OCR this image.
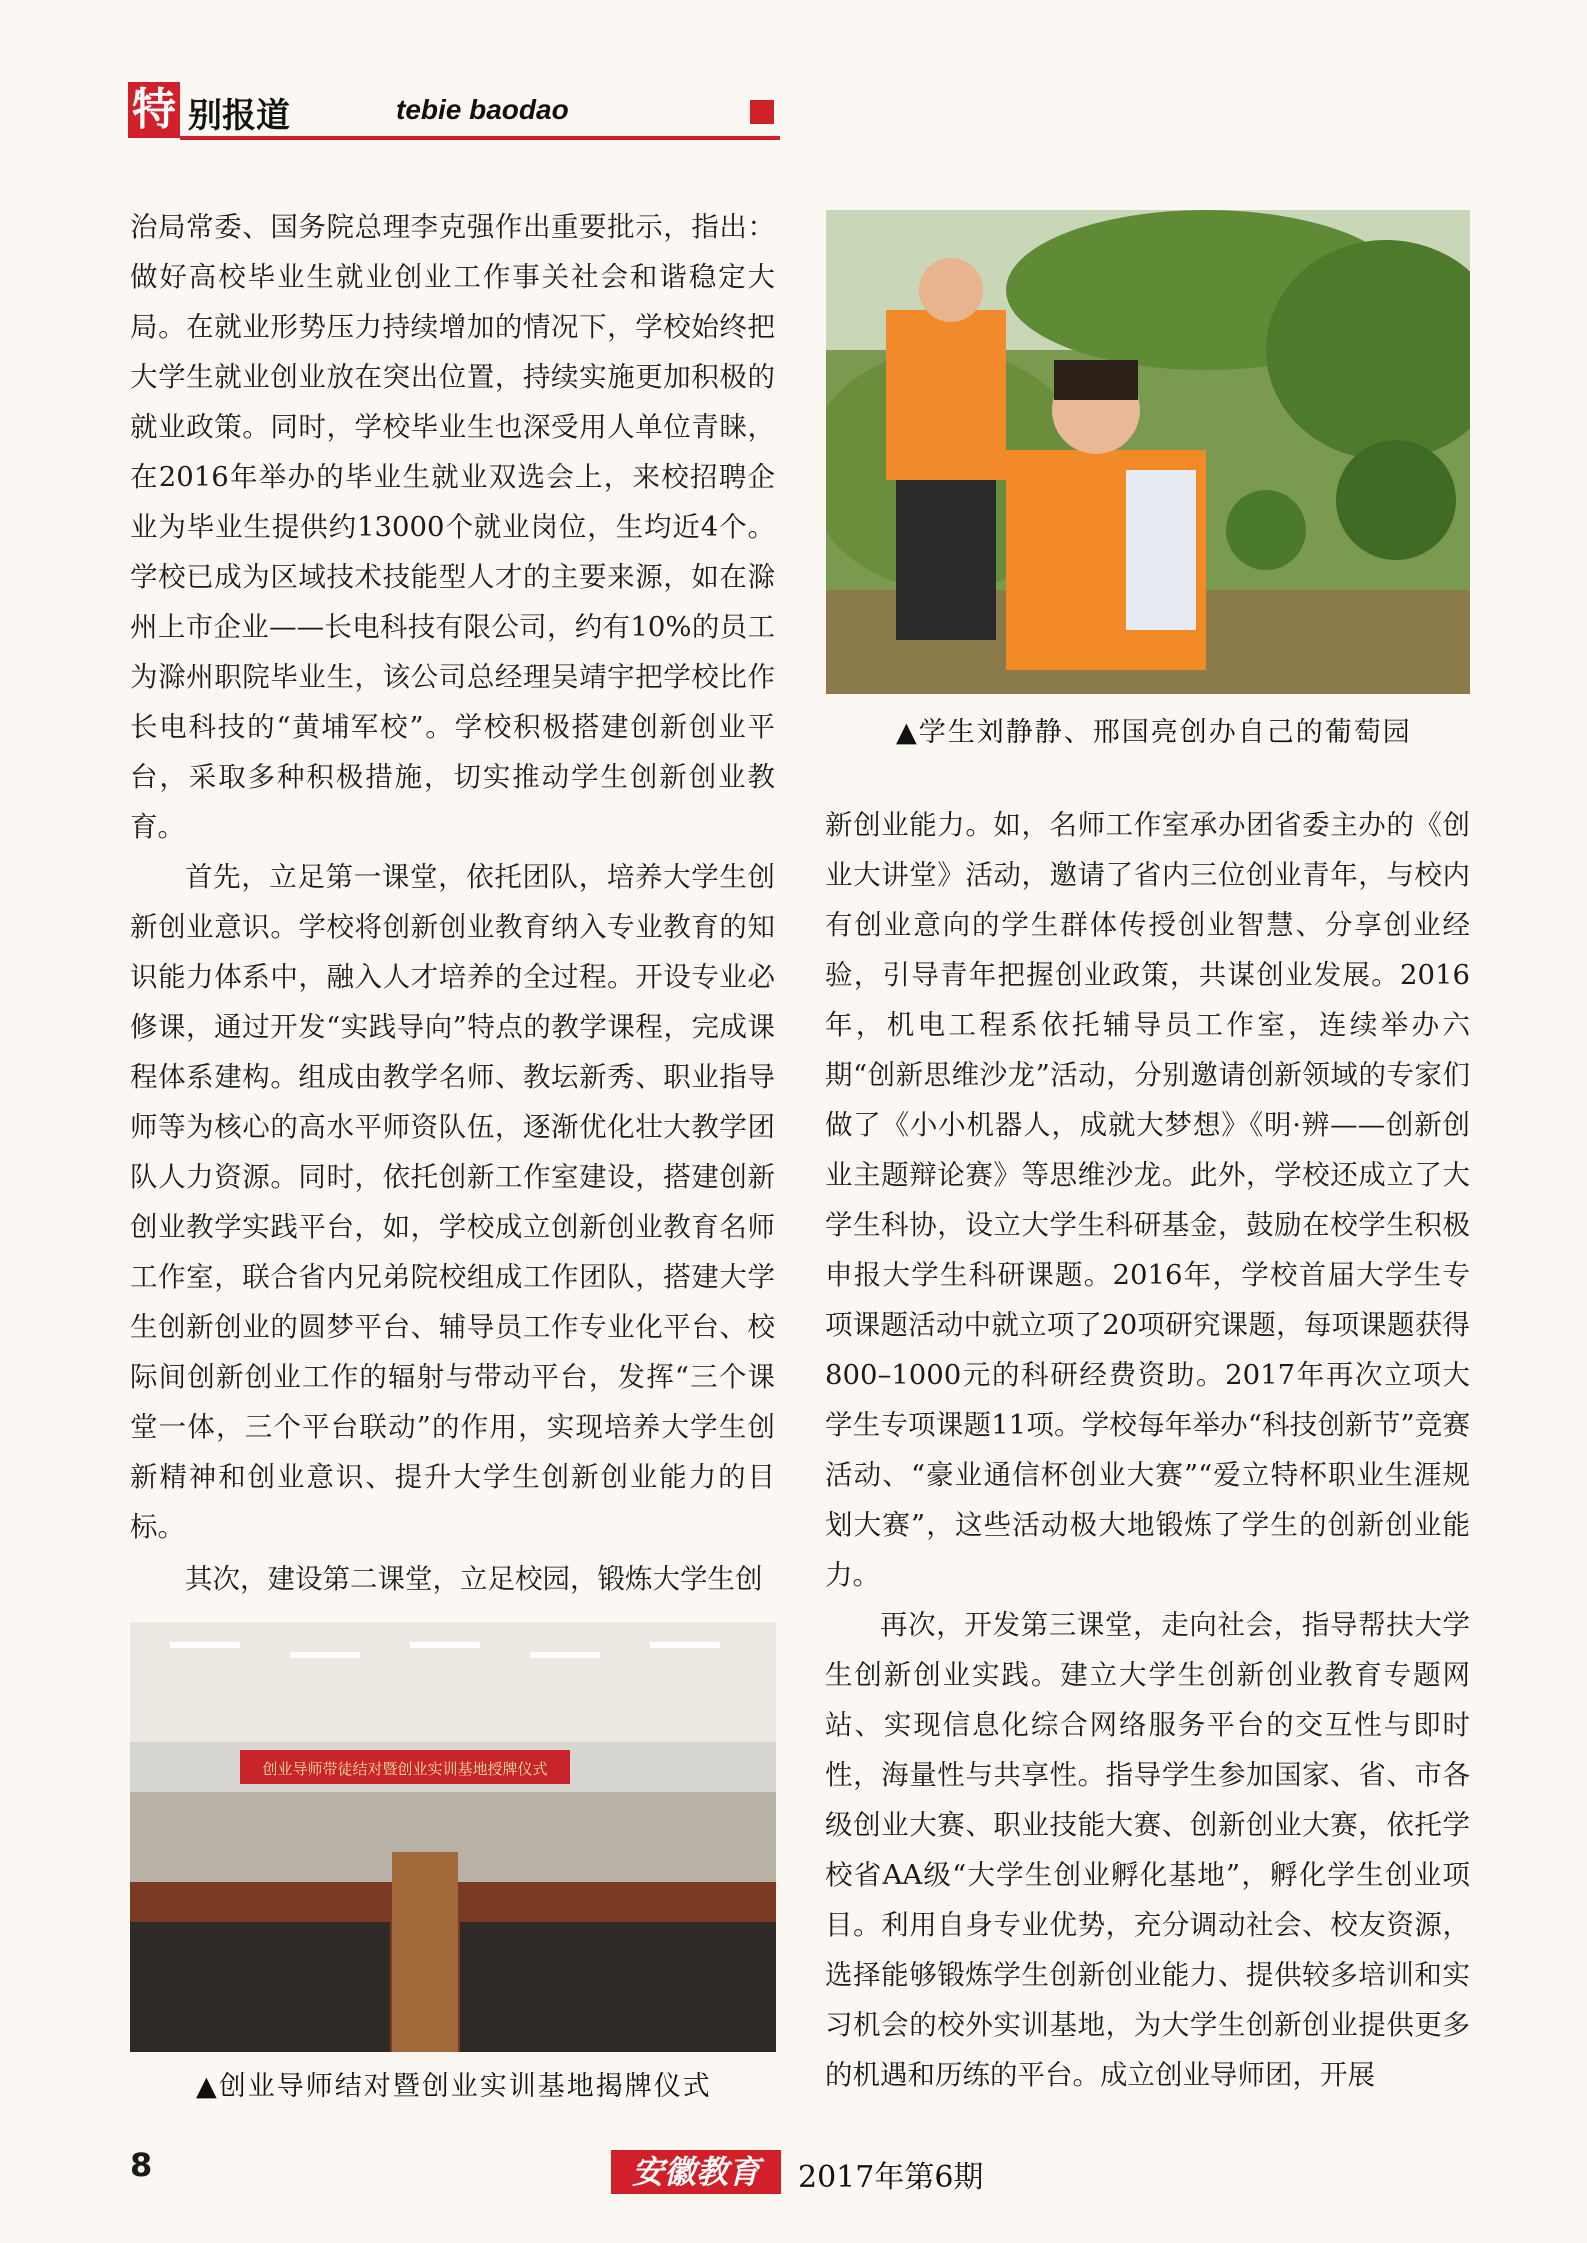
特 别报道	tebie baodao

治局常委、国务院总理李克强作出重要批示，指出：做好高校毕业生就业创业工作事关社会和谐稳定大局。在就业形势压力持续增加的情况下，学校始终把大学生就业创业放在突出位置，持续实施更加积极的就业政策。同时，学校毕业生也深受用人单位青睐，在2016年举办的毕业生就业双选会上，来校招聘企业为毕业生提供约13000个就业岗位，生均近4个。学校已成为区域技术技能型人才的主要来源，如在滁州上市企业——长电科技有限公司，约有10%的员工为滁州职院毕业生，该公司总经理吴靖宇把学校比作长电科技的“黄埔军校”。学校积极搭建创新创业平台，采取多种积极措施，切实推动学生创新创业教育。

首先，立足第一课堂，依托团队，培养大学生创新创业意识。学校将创新创业教育纳入专业教育的知识能力体系中，融入人才培养的全过程。开设专业必修课，通过开发“实践导向”特点的教学课程，完成课程体系建构。组成由教学名师、教坛新秀、职业指导师等为核心的高水平师资队伍，逐渐优化壮大教学团队人力资源。同时，依托创新工作室建设，搭建创新创业教学实践平台，如，学校成立创新创业教育名师工作室，联合省内兄弟院校组成工作团队，搭建大学生创新创业的圆梦平台、辅导员工作专业化平台、校际间创新创业工作的辐射与带动平台，发挥“三个课堂一体，三个平台联动”的作用，实现培养大学生创新精神和创业意识、提升大学生创新创业能力的目标。

其次，建设第二课堂，立足校园，锻炼大学生创

▲学生刘静静、邢国亮创办自己的葡萄园

新创业能力。如，名师工作室承办团省委主办的《创业大讲堂》活动，邀请了省内三位创业青年，与校内有创业意向的学生群体传授创业智慧、分享创业经验，引导青年把握创业政策，共谋创业发展。2016年，机电工程系依托辅导员工作室，连续举办六期“创新思维沙龙”活动，分别邀请创新领域的专家们做了《小小机器人，成就大梦想》《明·辨——创新创业主题辩论赛》等思维沙龙。此外，学校还成立了大学生科协，设立大学生科研基金，鼓励在校学生积极申报大学生科研课题。2016年，学校首届大学生专项课题活动中就立项了20项研究课题，每项课题获得800–1000元的科研经费资助。2017年再次立项大学生专项课题11项。学校每年举办“科技创新节”竞赛活动、“豪业通信杯创业大赛”“爱立特杯职业生涯规划大赛”，这些活动极大地锻炼了学生的创新创业能力。

再次，开发第三课堂，走向社会，指导帮扶大学生创新创业实践。建立大学生创新创业教育专题网站、实现信息化综合网络服务平台的交互性与即时性，海量性与共享性。指导学生参加国家、省、市各级创业大赛、职业技能大赛、创新创业大赛，依托学校省AA级“大学生创业孵化基地”，孵化学生创业项目。利用自身专业优势，充分调动社会、校友资源，选择能够锻炼学生创新创业能力、提供较多培训和实习机会的校外实训基地，为大学生创新创业提供更多的机遇和历练的平台。成立创业导师团，开展

创业导师带徒结对暨创业实训基地授牌仪式
▲创业导师结对暨创业实训基地揭牌仪式
8	安徽教育	2017年第6期
